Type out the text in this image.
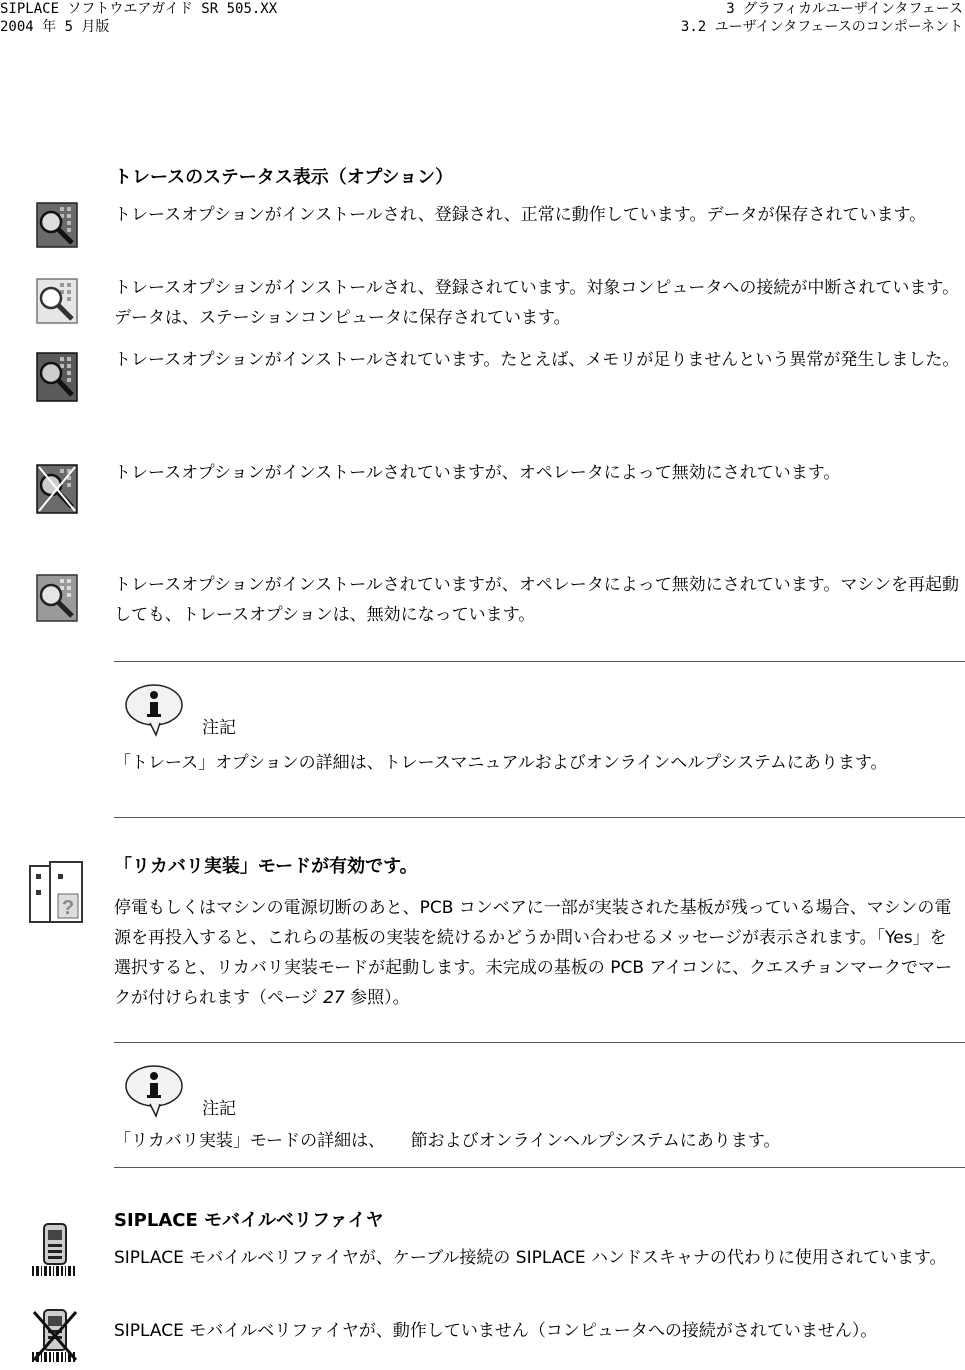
SIPLACE ソフトウエアガイド SR 505.XX
2004 年 5 月版
3 グラフィカルユーザインタフェース
3.2 ユーザインタフェースのコンポーネント
トレースのステータス表示（オプション）
トレースオプションがインストールされ、登録され、正常に動作しています。データが保存されています。
トレースオプションがインストールされ、登録されています。対象コンピュータへの接続が中断されています。データは、ステーションコンピュータに保存されています。
トレースオプションがインストールされています。たとえば、メモリが足りませんという異常が発生しました。
トレースオプションがインストールされていますが、オペレータによって無効にされています。
トレースオプションがインストールされていますが、オペレータによって無効にされています。マシンを再起動しても、トレースオプションは、無効になっています。
注記
「トレース」オプションの詳細は、トレースマニュアルおよびオンラインヘルプシステムにあります。
?
「リカバリ実装」モードが有効です。
停電もしくはマシンの電源切断のあと、PCB コンベアに一部が実装された基板が残っている場合、マシンの電源を再投入すると、これらの基板の実装を続けるかどうか問い合わせるメッセージが表示されます。「Yes」を選択すると、リカバリ実装モードが起動します。未完成の基板の PCB アイコンに、クエスチョンマークでマークが付けられます（ページ 27 参照）。
注記
「リカバリ実装」モードの詳細は、　　節およびオンラインヘルプシステムにあります。
SIPLACE モバイルベリファイヤ
SIPLACE モバイルベリファイヤが、ケーブル接続の SIPLACE ハンドスキャナの代わりに使用されています。
SIPLACE モバイルベリファイヤが、動作していません（コンピュータへの接続がされていません）。
